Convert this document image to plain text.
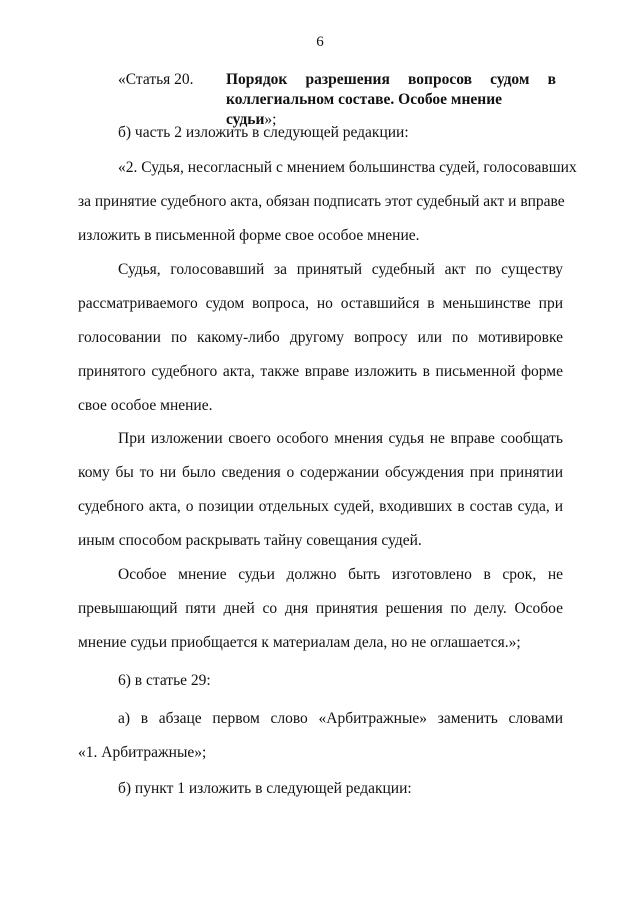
6
«Статья 20. Порядок разрешения вопросов судом в
коллегиальном составе. Особое мнение судьи»;
б) часть 2 изложить в следующей редакции:
«2. Судья, несогласный с мнением большинства судей, голосовавших
за принятие судебного акта, обязан подписать этот судебный акт и вправе
изложить в письменной форме свое особое мнение.
Судья, голосовавший за принятый судебный акт по существу
рассматриваемого судом вопроса, но оставшийся в меньшинстве при
голосовании по какому-либо другому вопросу или по мотивировке
принятого судебного акта, также вправе изложить в письменной форме
свое особое мнение.
При изложении своего особого мнения судья не вправе сообщать
кому бы то ни было сведения о содержании обсуждения при принятии
судебного акта, о позиции отдельных судей, входивших в состав суда, и
иным способом раскрывать тайну совещания судей.
Особое мнение судьи должно быть изготовлено в срок, не
превышающий пяти дней со дня принятия решения по делу. Особое
мнение судьи приобщается к материалам дела, но не оглашается.»;
6) в статье 29:
а) в абзаце первом слово «Арбитражные» заменить словами
«1. Арбитражные»;
б) пункт 1 изложить в следующей редакции:
